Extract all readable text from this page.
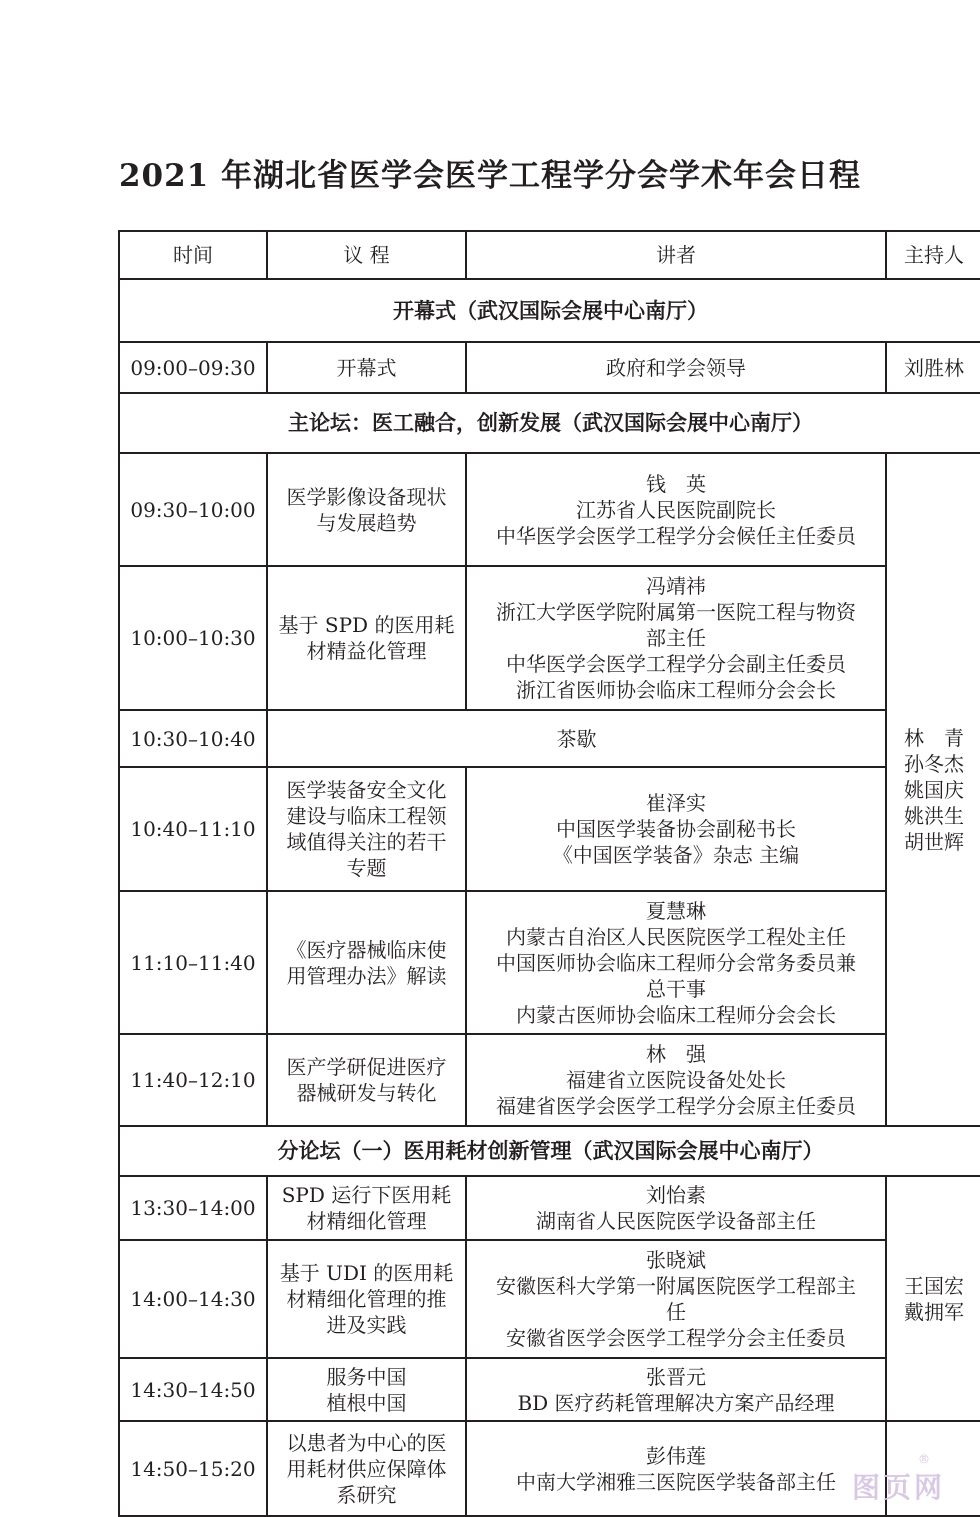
2021 年湖北省医学会医学工程学分会学术年会日程
时间	议 程	讲者	主持人
开幕式（武汉国际会展中心南厅）			
09:00–09:30	开幕式	政府和学会领导	刘胜林

主论坛：医工融合，创新发展（武汉国际会展中心南厅）			
09:30–10:00	医学影像设备现状
与发展趋势	钱　英
江苏省人民医院副院长
中华医学会医学工程学分会候任主任委员	林　青
孙冬杰
姚国庆
姚洪生
胡世辉

10:00–10:30	基于 SPD 的医用耗
材精益化管理	冯靖祎
浙江大学医学院附属第一医院工程与物资
部主任
中华医学会医学工程学分会副主任委员
浙江省医师协会临床工程师分会会长	

10:30–10:40	茶歇		

10:40–11:10	医学装备安全文化
建设与临床工程领
域值得关注的若干
专题	崔泽实
中国医学装备协会副秘书长
《中国医学装备》杂志 主编	

11:10–11:40	《医疗器械临床使
用管理办法》解读	夏慧琳
内蒙古自治区人民医院医学工程处主任
中国医师协会临床工程师分会常务委员兼
总干事
内蒙古医师协会临床工程师分会会长	

11:40–12:10	医产学研促进医疗
器械研发与转化	林　强
福建省立医院设备处处长
福建省医学会医学工程学分会原主任委员	

分论坛（一）医用耗材创新管理（武汉国际会展中心南厅）			
13:30–14:00	SPD 运行下医用耗
材精细化管理	刘怡素
湖南省人民医院医学设备部主任	王国宏
戴拥军

14:00–14:30	基于 UDI 的医用耗
材精细化管理的推
进及实践	张晓斌
安徽医科大学第一附属医院医学工程部主
任
安徽省医学会医学工程学分会主任委员	

14:30–14:50	服务中国
植根中国	张晋元
BD 医疗药耗管理解决方案产品经理	

14:50–15:20	以患者为中心的医
用耗材供应保障体
系研究	彭伟莲
中南大学湘雅三医院医学装备部主任	

®
图页网
